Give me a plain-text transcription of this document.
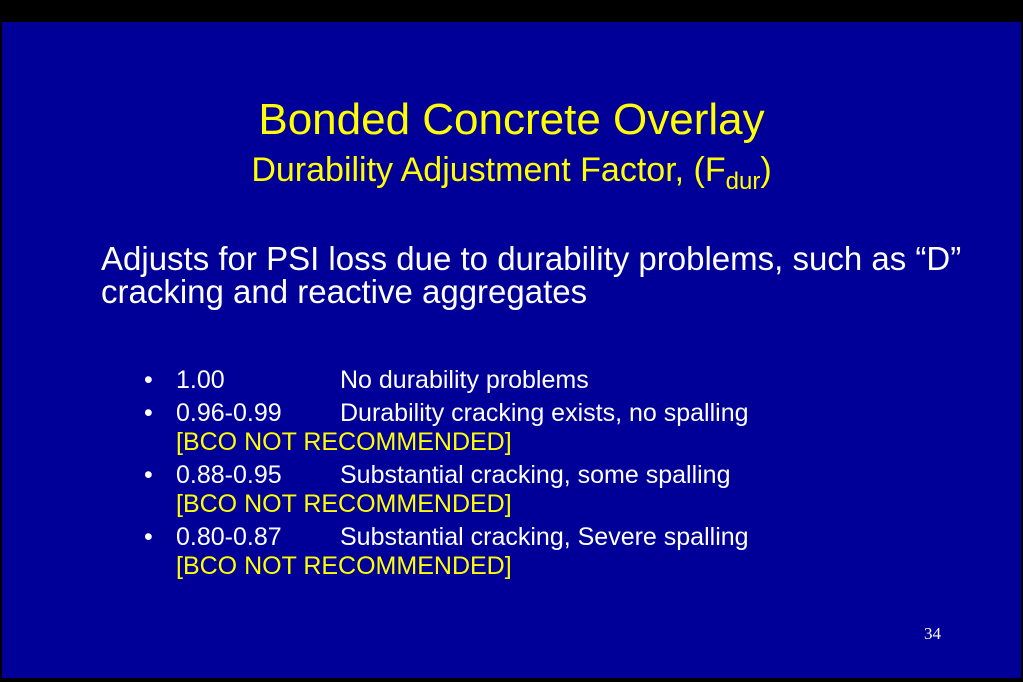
Bonded Concrete Overlay
Durability Adjustment Factor, $(F_{dur})$
Adjusts for PSI loss due to durability problems, such as “D” cracking and reactive aggregates
• 1.00	No durability problems
• 0.96-0.99 Durability cracking exists, no spalling
[BCO NOT RECOMMENDED]
• 0.88-0.95 Substantial cracking, some spalling
[BCO NOT RECOMMENDED]
• 0.80-0.87 Substantial cracking, Severe spalling
[BCO NOT RECOMMENDED]
34
